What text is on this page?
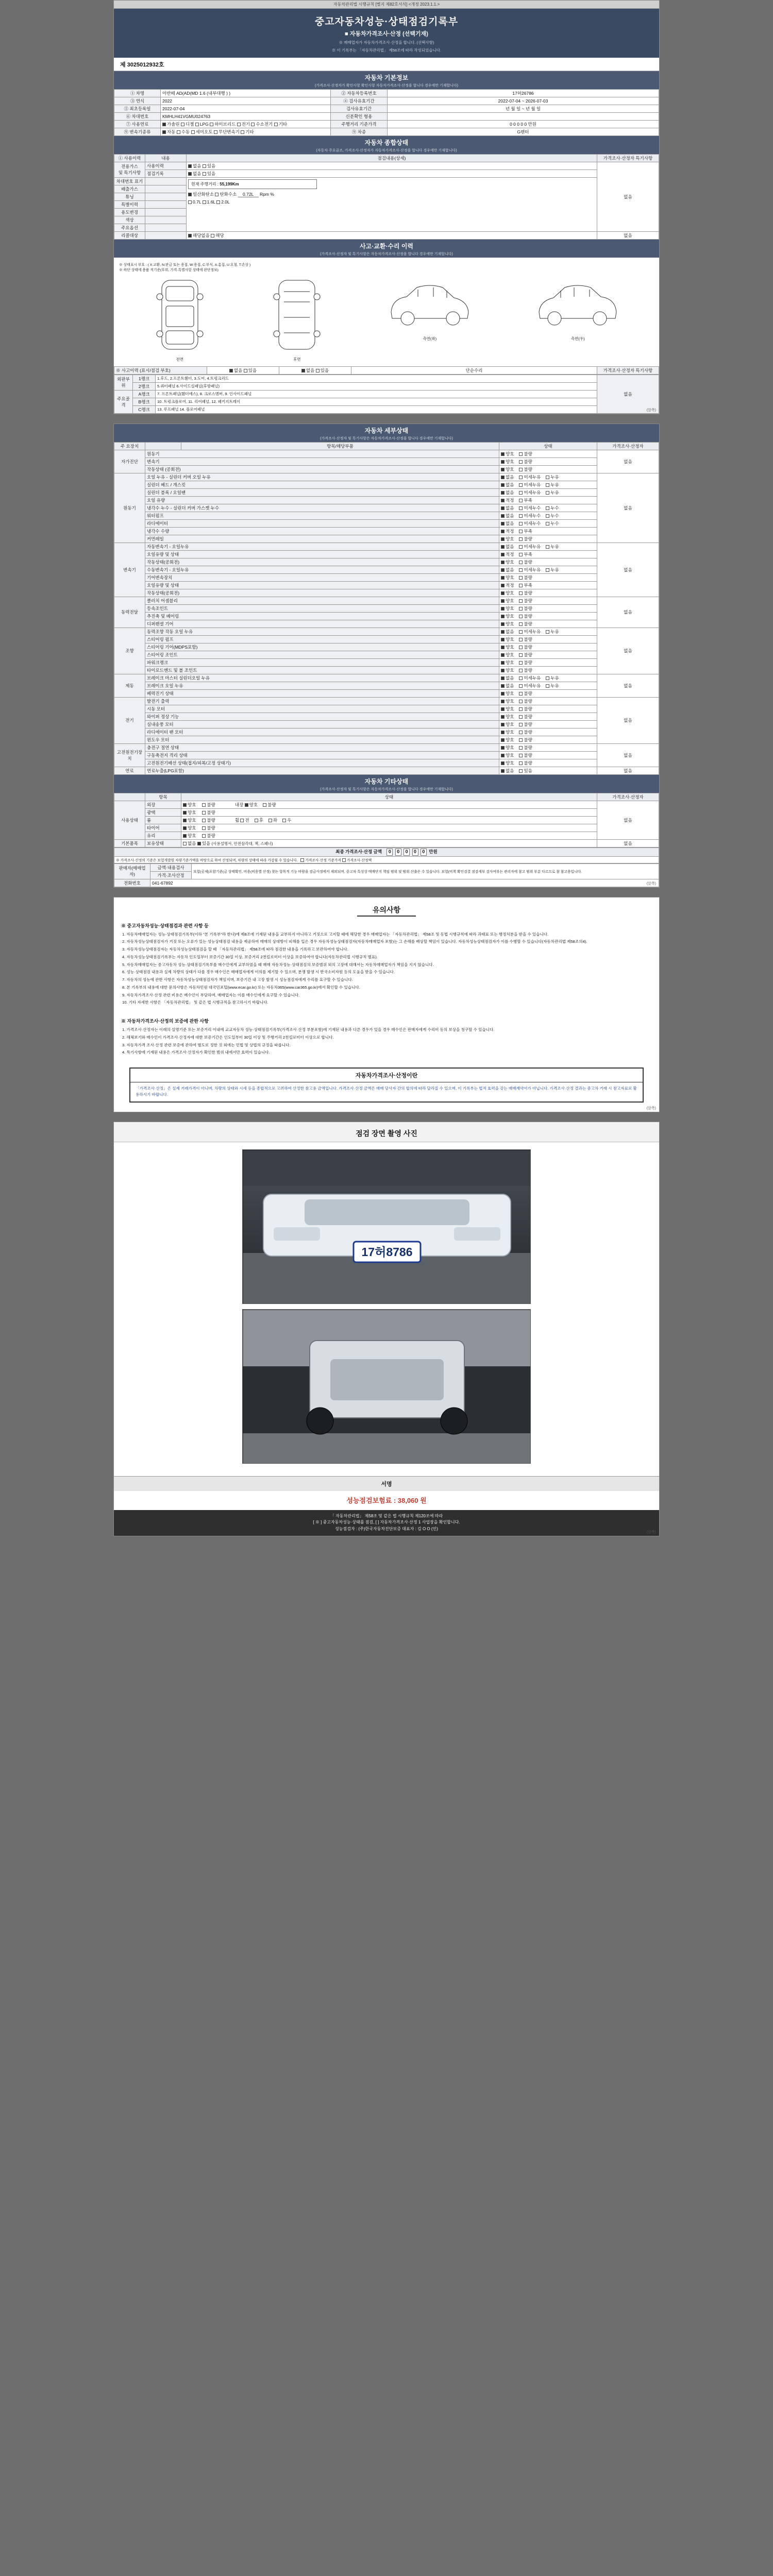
자동차관리법 시행규칙 [별지 제82호서식] <개정 2023.1.1.>
중고자동차성능·상태점검기록부
■ 자동차가격조사·산정 (선택기재)
※ 매매업자가 자동차가격조사·산정을 합니다. (선택사항)
※ 이 기록부는 「자동차관리법」 제58조에 따라 작성되었습니다.
제 3025012932호
자동차 기본정보
(가격조사·산정자가 확인사항 확인사항 자동차가격조사·산정을 합니다 경우에만 기재합니다)
① 차명	아반떼 AD(AD(MD 1.6 (내부대행 ) )	② 자동차등록번호	17허26786
③ 연식	2022	④ 검사유효기간	2022-07-04 ~ 2026-07-03
⑤ 최초등록일	2022-07-04	검사유효기간	년 월 일 ~ 년 월 일
⑥ 차대번호	KMHLH41VGMU024763	신분확인 형용	
⑦ 사용연료	가솔린 디젤 LPG 하이브리드 전기 수소전기 기타	주행거리 기준가격	0 0 0 0 0 만원
⑨ 변속기종류	자동 수동 세미오토 무단변속기 기타	⑨ 차종	G렌터
자동차 종합상태
(자동차 주요골조, 가격조사·산정자가 자동차가격조사·산정을 합니다 경우에만 기재합니다)
① 사용이력	내용	점검내용(상세)	가격조사·산정자 특기사항
전용가스
및 특기사항	사용이력	없음 있음	없음
	점검기록	없음 있음	
차대번호 표기		현재 주행거리 : 55,199Km
일산화탄소 탄화수소 0.72L Rpm %
0.7L 1.6L 2.0L	

배출가스			
튜닝			
특별이력			
용도변경			
색상			
주요옵션			
리콜대상		해당없음 해당	없음
사고·교환·수리 이력
(가격조사·산정자 및 특기사항은 자동차가격조사·산정을 합니다 경우에만 기재합니다)
※ 상태표시 부호 : ( X:교환, N:판금 또는 용접, W:용접, C:부식, A:흠집, U:요철, T:손상 )
※ 하단 상태에 용품 적기준(부위, 가격·특별사항 상태에 판단정보)
전면	후면
측면(좌)	측면(우)
※ 사고이력 (표시/점검 부호)	없음 있음	없음 있음	단순수리	가격조사·산정자 특기사항
외판부위	1랭크	1.후드, 2.프론트휀더, 3.도어, 4.트렁크리드	없음
	2랭크	5.쿼터패널 6.사이드실패널(후방패널)	
주요골격	A랭크	7. 프론트패널(휀더에스), 8. 크로스멤버, 9. 인사이드패널	
	B랭크	10. 트렁크플로어, 11. 리어패널, 12. 패키지트레이	
	C랭크	13. 루프패널 14. 플로어패널		(앞쪽)
자동차 세부상태
(가격조사·산정자 및 특기사항은 자동차가격조사·산정을 합니다 경우에만 기재합니다)
주 요장치		항목/해당부품	상태	가격조사·산정자
자가진단	원동기		양호 불량	없음
	변속기		양호 불량	
	작동상태 (공회전)		양호 불량	
원동기	오일 누유 - 실린더 커버 오일 누유		없음 미세누유 누유	없음
	실린더 헤드 / 개스킷		없음 미세누유 누유	
	실린더 블록 / 오일팬		없음 미세누유 누유	
	오일 유량		적정 부족	
	냉각수 누수 - 실린더 커버 가스켓 누수		없음 미세누수 누수	
	워터펌프		없음 미세누수 누수	
	라디에이터		없음 미세누수 누수	
	냉각수 수량		적정 부족	
	커먼레일		양호 불량	
변속기	자동변속기 - 오일누유		없음 미세누유 누유	없음
	오일유량 및 상태		적정 부족	
	작동상태(공회전)		양호 불량	
	수동변속기 - 오일누유		없음 미세누유 누유	
	기어변속장치		양호 불량	
	오일유량 및 상태		적정 부족	
	작동상태(공회전)		양호 불량	
동력전달	클러치 어셈블리		양호 불량	없음
	등속조인트		양호 불량	
	추진축 및 베어링		양호 불량	
	디퍼렌셜 기어		양호 불량	
조향	동력조향 작동 오일 누유		없음 미세누유 누유	없음
	스티어링 펌프		양호 불량	
	스티어링 기어(MDPS포함)		양호 불량	
	스티어링 조인트		양호 불량	
	파워크랭크		양호 불량	
	타이로드엔드 및 볼 조인트		양호 불량	
제동	브레이크 마스터 실린더오일 누유		없음 미세누유 누유	없음
	브레이크 오일 누유		없음 미세누유 누유	
	베력진기 상태		양호 불량	
전기	발전기 출력		양호 불량	없음
	시동 모터		양호 불량	
	와이퍼 정상 기능		양호 불량	
	실내송풍 모터		양호 불량	
	라디에이터 팬 모터		양호 불량	
	윈도우 모터		양호 불량	
고전원전기장치	충전구 절연 상태		양호 불량	없음
	구동축전지 격리 상태		양호 불량	
	고전원전기배선 상태(접지/피복/고정 상태기)		양호 불량	
연료	연료누출(LPG포함)		없음 있음	없음
자동차 기타상태
(가격조사·산정자 및 특기사항은 자동차가격조사·산정을 합니다 경우에만 기재합니다)
	항목	상태	가격조사·산정자
사용상태	외장	양호 불량 내장 양호 불량	없음
	광택	양호 불량	
	룸	양호 불량 휠 전 후 좌 우	
	타이어	양호 불량	
	유리	양호 불량	
기본품목	보유상태	없음 있음 (사용설명서, 안전삼각대, 잭, 스패너)	없음
최종 가격조사·산정 금액 0 0 0 0 0 만원
※ 가격조사·산정의 기준은 보험개발원 차량기준가액을 바탕으로 하여 산정되며, 차량의 상태에 따라 가감될 수 있습니다. 가격조사·산정 기준가격 가격조사·산정액
판매자(매매업자)	금액·내용검사	보험(공제)포함기준(금 상태확인, 비용(비용별 산정) 찾는 항목적 기능 바람을 검금사정에서 제외되며, 중고차 특성상 매매단지 책임 범위 및 범위 산출은 수 있습니다. 보험(비책 확인검결 점검세부 검사여부는 관리자에 참고 범위 부분 다르므로 참 참고용입니다.
	가격·조사산정	
전화번호	041-67892		(앞쪽)
유의사항
※ 중고자동차성능·상태점검과 관련 사항 등
1. 자동차매매업자는 성능·상태점검기록부(이하 "본 기록부"라 한다)에 제8조에 기재된 내용을 교부하지 아니하고 거짓으로 고지할 때에 해당한 경우 매매업자는 「자동차관리법」 제58조 및 동법 시행규칙에 따라 과태료 또는 행정처분을 받을 수 있습니다.
2. 자동차성능상태점검자가 거짓 또는 오류가 있는 성능상태점검 내용을 제공하여 매매의 상대방이 피해를 입은 경우 자동차성능상태점검자(자동차매매업자 포함)는 그 손해를 배상할 책임이 있습니다. 자동차성능상태점검자가 이를 수행할 수 있습니다(자동차관리법 제58조의4).
3. 자동차성능상태점검자는 자동차성능상태점검을 할 때 「자동차관리법」 제58조에 따라 점검한 내용을 기록하고 보관하여야 합니다.
4. 자동차성능상태점검기록부는 자동차 인도일부터 보증기간 30일 이상, 보증거리 2천킬로미터 이상을 보증하여야 합니다(자동차관리법 시행규칙 별표).
5. 자동차매매업자는 중고자동차 성능·상태점검기록부를 매수인에게 교부하였을 때 매매 자동차성능·상태점검의 보증범위 외의 고장에 대해서는 자동차매매업자가 책임을 지지 않습니다.
6. 성능·상태점검 내용과 실제 차량의 상태가 다를 경우 매수인은 매매업자에게 이의를 제기할 수 있으며, 분쟁 발생 시 한국소비자원 등의 도움을 받을 수 있습니다.
7. 자동차의 성능에 관한 사항은 자동차성능상태점검자가 책임지며, 보증기간 내 고장 발생 시 성능점검자에게 수리를 요구할 수 있습니다.
8. 본 기록부의 내용에 대한 문의사항은 자동차민원 대국민포털(www.ecar.go.kr) 또는 자동차365(www.car365.go.kr)에서 확인할 수 있습니다.
9. 자동차가격조사·산정 관련 비용은 매수인이 부담하며, 매매업자는 이를 매수인에게 요구할 수 있습니다.
10. 기타 자세한 사항은 「자동차관리법」 및 같은 법 시행규칙을 참고하시기 바랍니다.
※ 자동차가격조사·산정의 보증에 관한 사항
1. 가격조사·산정자는 이래의 실명기준 또는 보증거리 이내에 교교자동차 성능·상태점검기록부(가격조사·산정 부분포함)에 기재된 내용과 다른 경우가 있을 경우 매수인은 판매자에게 수리비 등의 보상을 청구할 수 있습니다.
2. 해체보기와 매수인이 가격조사·산정자에 대한 보증기간은 인도일부터 30일 이상 및 주행거리 2천킬로미터 이상으로 합니다.
3. 자동차가격 조사·산정 관련 보증에 관하여 별도로 정한 것 외에는 민법 및 상법의 규정을 따릅니다.
4. 특기사항에 기재된 내용은 가격조사·산정자가 확인한 범위 내에서만 효력이 있습니다.
자동차가격조사·산정이란
「가격조사·산정」은 실제 거래가격이 아니며, 차량의 상태와 시세 등을 종합적으로 고려하여 산정한 참고용 금액입니다. 가격조사·산정 금액은 매매 당사자 간의 합의에 따라 달라질 수 있으며, 이 기록부는 법적 효력을 갖는 매매계약서가 아닙니다. 가격조사·산정 결과는 중고차 거래 시 참고자료로 활용하시기 바랍니다.
(앞쪽)
점검 장면 촬영 사진
17허8786
서명
성능점검보험료 : 38,060 원
「 자동차관리법」 제58조 및 같은 법 시행규칙 제120조에 따라
[ ※ ] 중고자동차성능·상태를 점검, [ ] 자동차가격조사·산정 1 사업장을 확인합니다.
성능점검자 : (주)한국자동차진단보증 대표자 : 김 O O (인)
(앞쪽)
